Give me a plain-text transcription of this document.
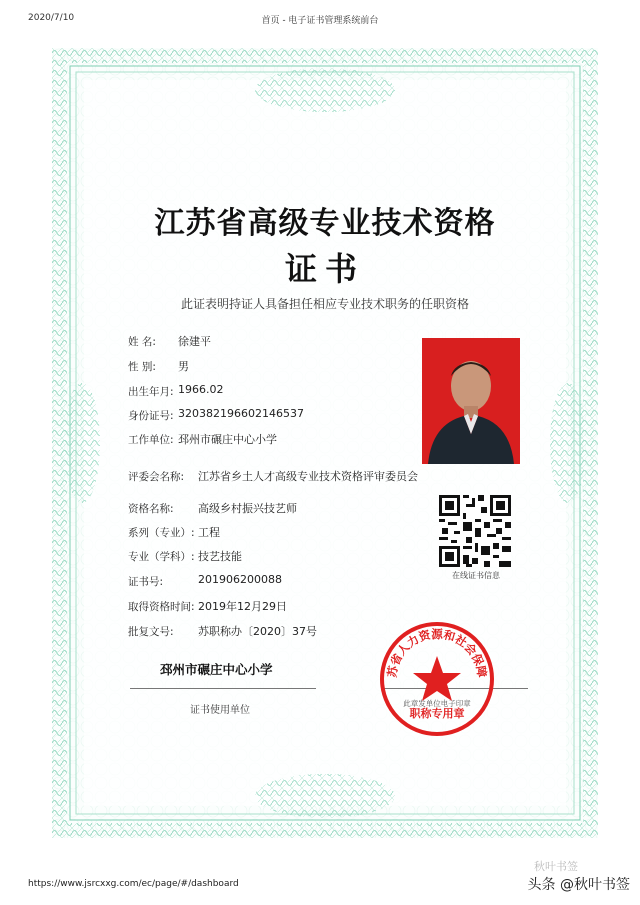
2020/7/10	首页 - 电子证书管理系统前台
江苏省高级专业技术资格
证书
此证表明持证人具备担任相应专业技术职务的任职资格
姓 名: 徐建平
性 别: 男
出生年月: 1966.02
身份证号: 320382196602146537
工作单位: 邳州市碾庄中心小学
评委会名称: 江苏省乡土人才高级专业技术资格评审委员会
资格名称: 高级乡村振兴技艺师
系列（专业）: 工程
专业（学科）: 技艺技能
证书号:	201906200088
取得资格时间: 2019年12月29日
批复文号: 苏职称办〔2020〕37号
在线证书信息
邳州市碾庄中心小学
证书使用单位
苏省人力资源和社会保障
职称专用章
此章发单位电子印章
https://www.jsrcxxg.com/ec/page/#/dashboard
秋叶书签
头条 @秋叶书签
